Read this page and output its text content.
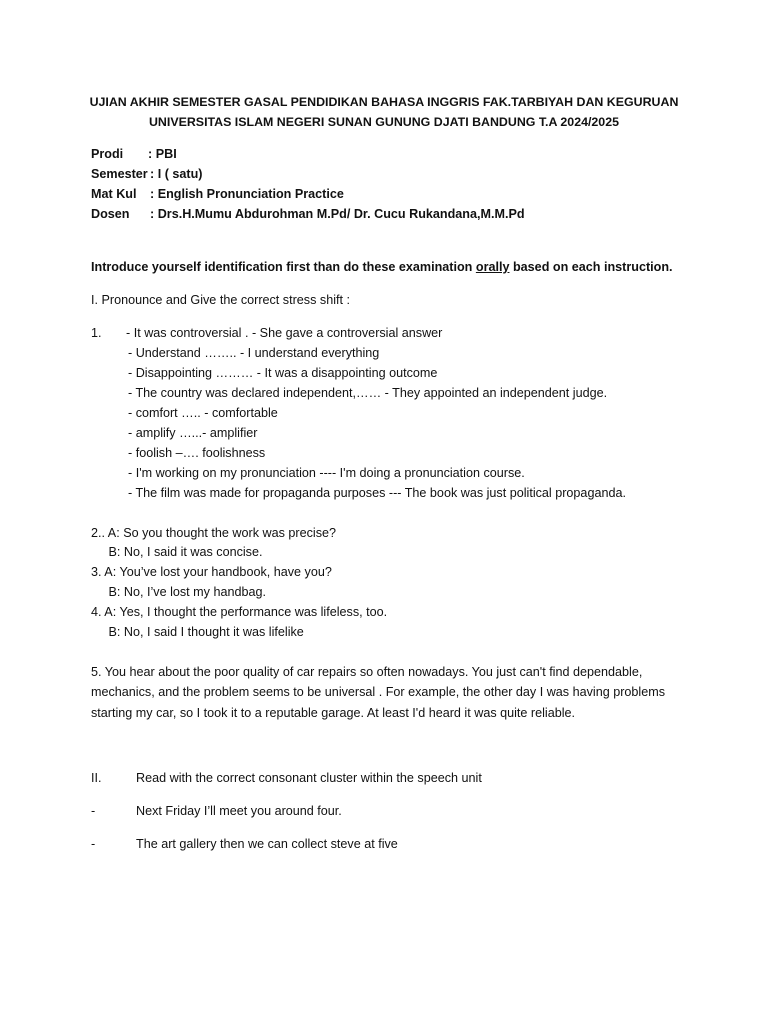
UJIAN AKHIR SEMESTER GASAL PENDIDIKAN BAHASA INGGRIS FAK.TARBIYAH DAN KEGURUAN
UNIVERSITAS ISLAM NEGERI SUNAN GUNUNG DJATI BANDUNG T.A 2024/2025
Prodi : PBI
Semester : I ( satu)
Mat Kul : English Pronunciation Practice
Dosen : Drs.H.Mumu Abdurohman M.Pd/ Dr. Cucu Rukandana,M.M.Pd
Introduce yourself identification first than do these examination orally based on each instruction.
I. Pronounce and Give the correct stress shift :
1. - It was controversial . - She gave a controversial answer
- Understand …….. - I understand everything
- Disappointing ……… - It was a disappointing outcome
- The country was declared independent,…… - They appointed an independent judge.
- comfort ….. - comfortable
- amplify …...- amplifier
- foolish –…. foolishness
- I'm working on my pronunciation ---- I'm doing a pronunciation course.
- The film was made for propaganda purposes --- The book was just political propaganda.
2.. A: So you thought the work was precise?
B: No, I said it was concise.
3. A: You’ve lost your handbook, have you?
B: No, I’ve lost my handbag.
4. A: Yes, I thought the performance was lifeless, too.
B: No, I said I thought it was lifelike
5. You hear about the poor quality of car repairs so often nowadays. You just can't find dependable,
mechanics, and the problem seems to be universal . For example, the other day I was having problems
starting my car, so I took it to a reputable garage. At least I'd heard it was quite reliable.
II.	Read with the correct consonant cluster within the speech unit
-	Next Friday I’ll meet you around four.
-	The art gallery then we can collect steve at five
